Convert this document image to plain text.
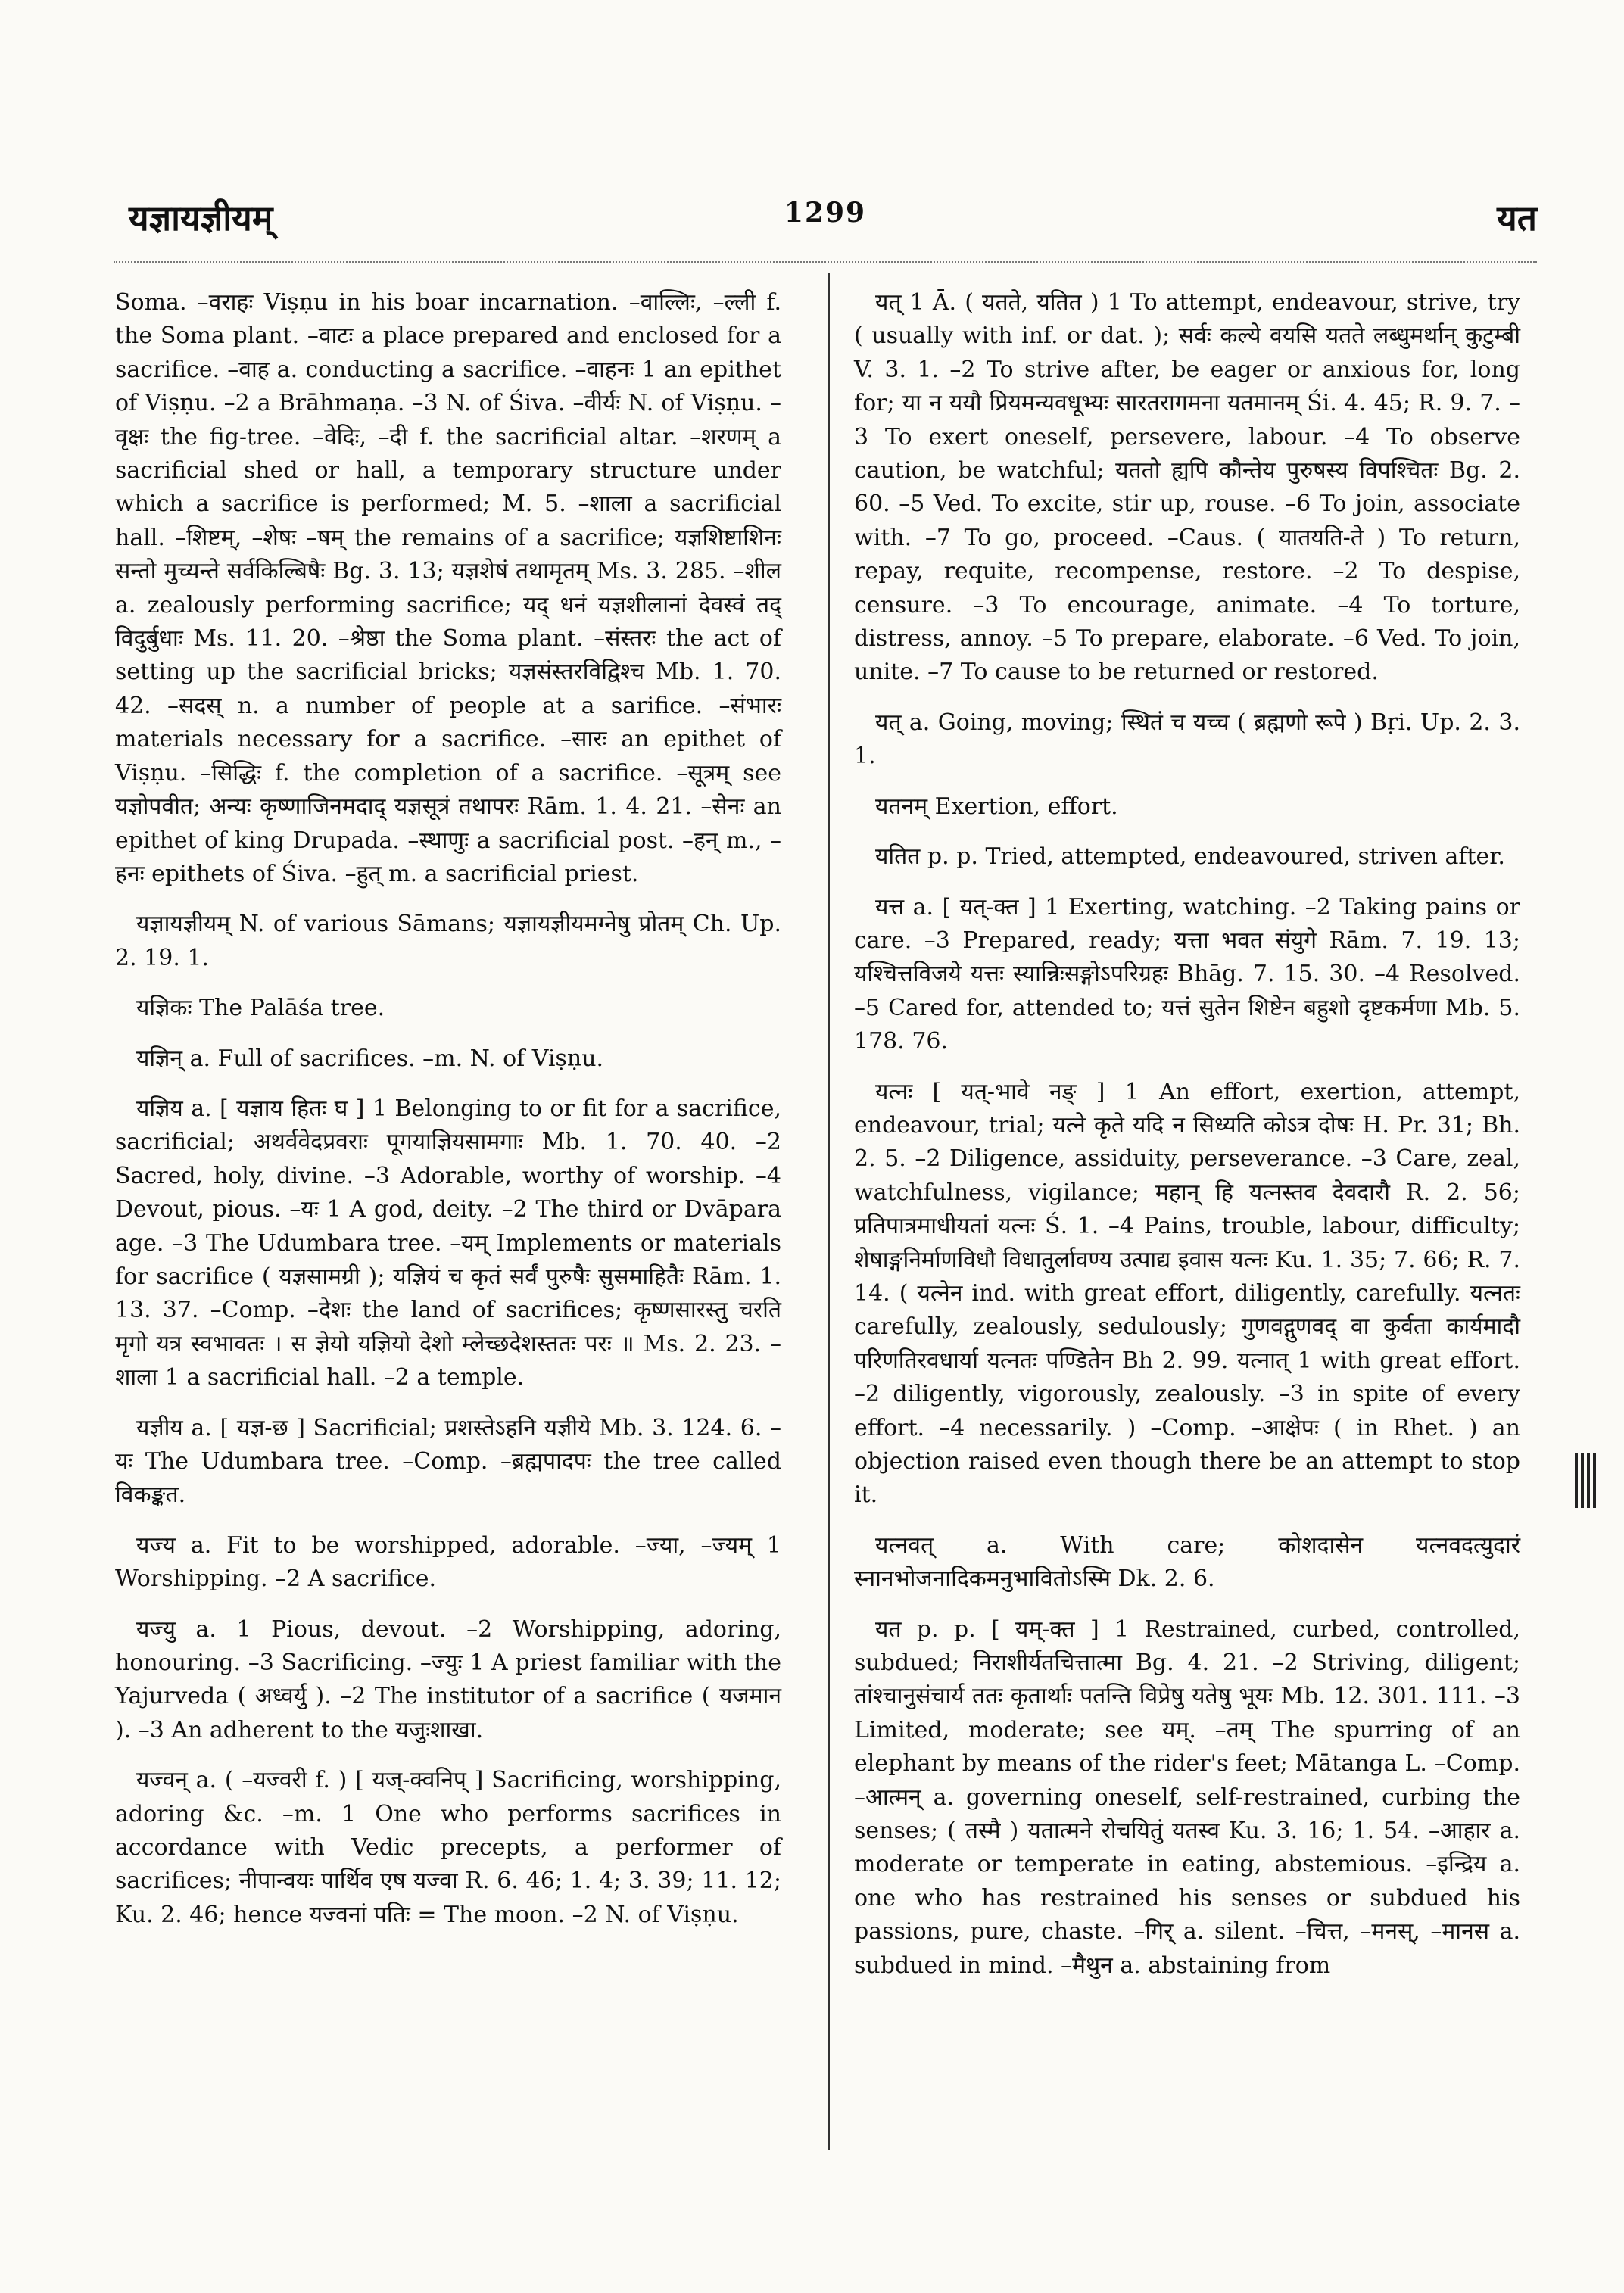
यज्ञायज्ञीयम्	1299	यत

Soma. –वराहः Viṣṇu in his boar incarnation. –वाल्लिः, –ल्ली f. the Soma plant. –वाटः a place prepared and enclosed for a sacrifice. –वाह a. conducting a sacrifice. –वाहनः 1 an epithet of Viṣṇu. –2 a Brāhmaṇa. –3 N. of Śiva. –वीर्यः N. of Viṣṇu. –वृक्षः the fig-tree. –वेदिः, –दी f. the sacrificial altar. –शरणम् a sacrificial shed or hall, a temporary structure under which a sacrifice is performed; M. 5. –शाला a sacrificial hall. –शिष्टम्, –शेषः –षम् the remains of a sacrifice; यज्ञशिष्टाशिनः सन्तो मुच्यन्ते सर्वकिल्बिषैः Bg. 3. 13; यज्ञशेषं तथामृतम् Ms. 3. 285. –शील a. zealously performing sacrifice; यद् धनं यज्ञशीलानां देवस्वं तद् विदुर्बुधाः Ms. 11. 20. –श्रेष्ठा the Soma plant. –संस्तरः the act of setting up the sacrificial bricks; यज्ञसंस्तरविद्विश्च Mb. 1. 70. 42. –सदस् n. a number of people at a sarifice. –संभारः materials necessary for a sacrifice. –सारः an epithet of Viṣṇu. –सिद्धिः f. the completion of a sacrifice. –सूत्रम् see यज्ञोपवीत; अन्यः कृष्णाजिनमदाद् यज्ञसूत्रं तथापरः Rām. 1. 4. 21. –सेनः an epithet of king Drupada. –स्थाणुः a sacrificial post. –हन् m., –हनः epithets of Śiva. –हुत् m. a sacrificial priest.

यज्ञायज्ञीयम् N. of various Sāmans; यज्ञायज्ञीयमग्नेषु प्रोतम् Ch. Up. 2. 19. 1.

यज्ञिकः The Palāśa tree.

यज्ञिन् a. Full of sacrifices. –m. N. of Viṣṇu.

यज्ञिय a. [ यज्ञाय हितः घ ] 1 Belonging to or fit for a sacrifice, sacrificial; अथर्ववेदप्रवराः पूगयाज्ञियसामगाः Mb. 1. 70. 40. –2 Sacred, holy, divine. –3 Adorable, worthy of worship. –4 Devout, pious. –यः 1 A god, deity. –2 The third or Dvāpara age. –3 The Udumbara tree. –यम् Implements or materials for sacrifice ( यज्ञसामग्री ); यज्ञियं च कृतं सर्वं पुरुषैः सुसमाहितैः Rām. 1. 13. 37. –Comp. –देशः the land of sacrifices; कृष्णसारस्तु चरति मृगो यत्र स्वभावतः । स ज्ञेयो यज्ञियो देशो म्लेच्छदेशस्ततः परः ॥ Ms. 2. 23. –शाला 1 a sacrificial hall. –2 a temple.

यज्ञीय a. [ यज्ञ-छ ] Sacrificial; प्रशस्तेऽहनि यज्ञीये Mb. 3. 124. 6. –यः The Udumbara tree. –Comp. –ब्रह्मपादपः the tree called विकङ्कत.

यज्य a. Fit to be worshipped, adorable. –ज्या, –ज्यम् 1 Worshipping. –2 A sacrifice.

यज्यु a. 1 Pious, devout. –2 Worshipping, adoring, honouring. –3 Sacrificing. –ज्युः 1 A priest familiar with the Yajurveda ( अध्वर्यु ). –2 The institutor of a sacrifice ( यजमान ). –3 An adherent to the यजुःशाखा.

यज्वन् a. ( –यज्वरी f. ) [ यज्-क्वनिप् ] Sacrificing, worshipping, adoring &c. –m. 1 One who performs sacrifices in accordance with Vedic precepts, a performer of sacrifices; नीपान्वयः पार्थिव एष यज्वा R. 6. 46; 1. 4; 3. 39; 11. 12; Ku. 2. 46; hence यज्वनां पतिः = The moon. –2 N. of Viṣṇu.

यत् 1 Ā. ( यतते, यतित ) 1 To attempt, endeavour, strive, try ( usually with inf. or dat. ); सर्वः कल्ये वयसि यतते लब्धुमर्थान् कुटुम्बी V. 3. 1. –2 To strive after, be eager or anxious for, long for; या न ययौ प्रियमन्यवधूभ्यः सारतरागमना यतमानम् Śi. 4. 45; R. 9. 7. –3 To exert oneself, persevere, labour. –4 To observe caution, be watchful; यततो ह्यपि कौन्तेय पुरुषस्य विपश्चितः Bg. 2. 60. –5 Ved. To excite, stir up, rouse. –6 To join, associate with. –7 To go, proceed. –Caus. ( यातयति-ते ) To return, repay, requite, recompense, restore. –2 To despise, censure. –3 To encourage, animate. –4 To torture, distress, annoy. –5 To prepare, elaborate. –6 Ved. To join, unite. –7 To cause to be returned or restored.

यत् a. Going, moving; स्थितं च यच्च ( ब्रह्मणो रूपे ) Bṛi. Up. 2. 3. 1.

यतनम् Exertion, effort.

यतित p. p. Tried, attempted, endeavoured, striven after.

यत्त a. [ यत्-क्त ] 1 Exerting, watching. –2 Taking pains or care. –3 Prepared, ready; यत्ता भवत संयुगे Rām. 7. 19. 13; यश्चित्तविजये यत्तः स्यान्निःसङ्गोऽपरिग्रहः Bhāg. 7. 15. 30. –4 Resolved. –5 Cared for, attended to; यत्तं सुतेन शिष्टेन बहुशो दृष्टकर्मणा Mb. 5. 178. 76.

यत्नः [ यत्-भावे नङ् ] 1 An effort, exertion, attempt, endeavour, trial; यत्ने कृते यदि न सिध्यति कोऽत्र दोषः H. Pr. 31; Bh. 2. 5. –2 Diligence, assiduity, perseverance. –3 Care, zeal, watchfulness, vigilance; महान् हि यत्नस्तव देवदारौ R. 2. 56; प्रतिपात्रमाधीयतां यत्नः Ś. 1. –4 Pains, trouble, labour, difficulty; शेषाङ्गनिर्माणविधौ विधातुर्लावण्य उत्पाद्य इवास यत्नः Ku. 1. 35; 7. 66; R. 7. 14. ( यत्नेन ind. with great effort, diligently, carefully. यत्नतः carefully, zealously, sedulously; गुणवद्गुणवद् वा कुर्वता कार्यमादौ परिणतिरवधार्या यत्नतः पण्डितेन Bh 2. 99. यत्नात् 1 with great effort. –2 diligently, vigorously, zealously. –3 in spite of every effort. –4 necessarily. ) –Comp. –आक्षेपः ( in Rhet. ) an objection raised even though there be an attempt to stop it.

यत्नवत् a. With care; कोशदासेन यत्नवदत्युदारं स्नानभोजनादिकमनुभावितोऽस्मि Dk. 2. 6.

यत p. p. [ यम्-क्त ] 1 Restrained, curbed, controlled, subdued; निराशीर्यतचित्तात्मा Bg. 4. 21. –2 Striving, diligent; तांश्चानुसंचार्य ततः कृतार्थाः पतन्ति विप्रेषु यतेषु भूयः Mb. 12. 301. 111. –3 Limited, moderate; see यम्. –तम् The spurring of an elephant by means of the rider's feet; Mātanga L. –Comp. –आत्मन् a. governing oneself, self-restrained, curbing the senses; ( तस्मै ) यतात्मने रोचयितुं यतस्व Ku. 3. 16; 1. 54. –आहार a. moderate or temperate in eating, abstemious. –इन्द्रिय a. one who has restrained his senses or subdued his passions, pure, chaste. –गिर् a. silent. –चित्त, –मनस्, –मानस a. subdued in mind. –मैथुन a. abstaining from
